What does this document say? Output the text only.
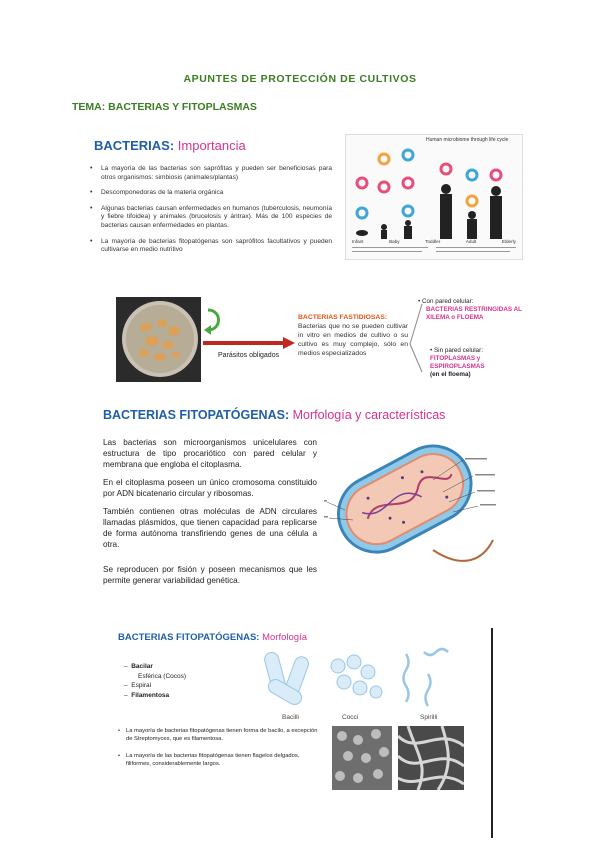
APUNTES DE PROTECCIÓN DE CULTIVOS
TEMA: BACTERIAS Y FITOPLASMAS
BACTERIAS: Importancia
• La mayoría de las bacterias son saprófitas y pueden ser beneficiosas para otros organismos: simbiosis (animales/plantas)
• Descomponedoras de la materia orgánica
• Algunas bacterias causan enfermedades en humanos (tuberculosis, neumonía y fiebre tifoidea) y animales (brucelosis y ántrax). Más de 100 especies de bacterias causan enfermedades en plantas.
• La mayoría de bacterias fitopatógenas son saprófitos facultativos y pueden cultivarse en medio nutritivo
Human microbiome through life cycle
Infant	Baby	Toddler	Adult	Elderly
Parásitos obligados
BACTERIAS FASTIDIOSAS:
Bacterias que no se pueden cultivar in vitro en medios de cultivo o su cultivo es muy complejo, sólo en medios especializados
• Con pared celular:
BACTERIAS RESTRINGIDAS AL XILEMA o FLOEMA
• Sin pared celular:
FITOPLASMAS y ESPIROPLASMAS
(en el floema)
BACTERIAS FITOPATÓGENAS: Morfología y características

Las bacterias son microorganismos unicelulares con estructura de tipo procariótico con pared celular y membrana que engloba el citoplasma.

En el citoplasma poseen un único cromosoma constituido por ADN bicatenario circular y ribosomas.

También contienen otras moléculas de ADN circulares llamadas plásmidos, que tienen capacidad para replicarse de forma autónoma transfiriendo genes de una célula a otra.

Se reproducen por fisión y poseen mecanismos que les permite generar variabilidad genética.

BACTERIAS FITOPATÓGENAS: Morfología
–  Bacilar
Esférica (Cocos)
–  Espiral
–  Filamentosa
Bacilli	Cocci	Spirilli
• La mayoría de bacterias fitopatógenas tienen forma de bacilo, a excepción de Streptomyces, que es filamentosa.
• La mayoría de las bacterias fitopatógenas tienen flagelos delgados, filiformes, considerablemente largos.
